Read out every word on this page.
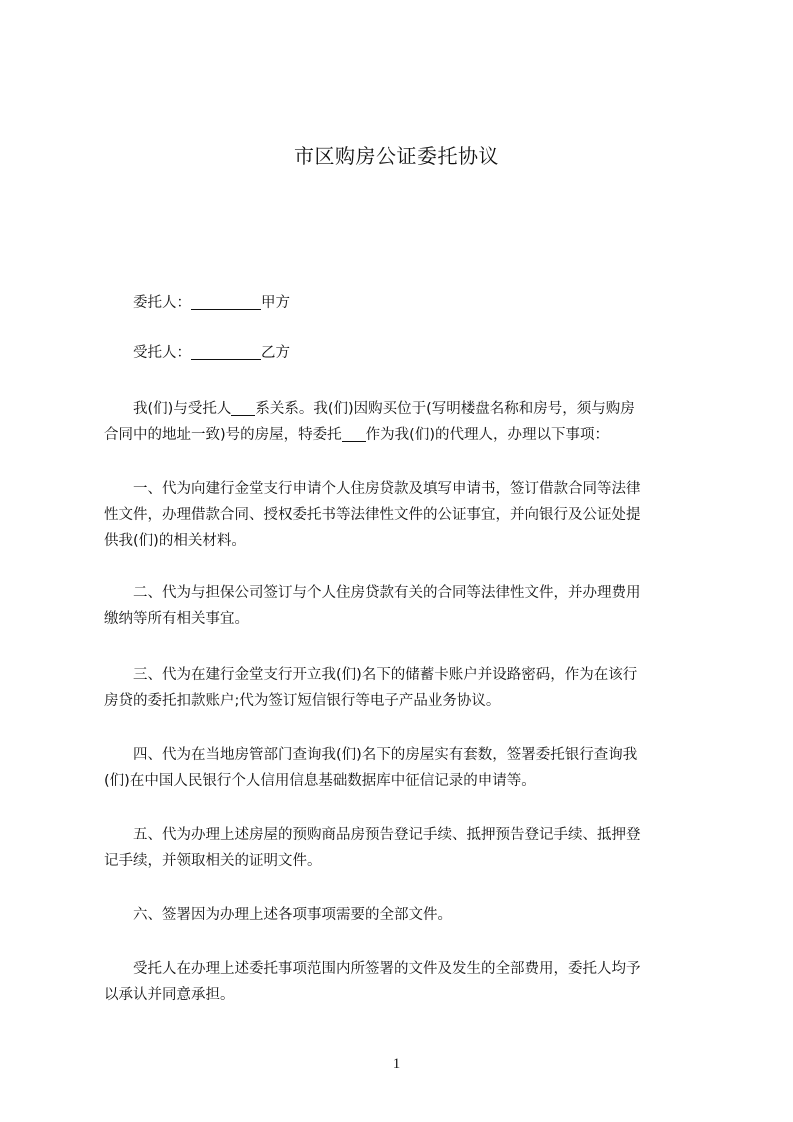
市区购房公证委托协议

委托人：	甲方

受托人：	乙方

我(们)与受托人 系关系。我(们)因购买位于(写明楼盘名称和房号，须与购房
合同中的地址一致)号的房屋，特委托 作为我(们)的代理人，办理以下事项：

一、代为向建行金堂支行申请个人住房贷款及填写申请书，签订借款合同等法律
性文件，办理借款合同、授权委托书等法律性文件的公证事宜，并向银行及公证处提
供我(们)的相关材料。

二、代为与担保公司签订与个人住房贷款有关的合同等法律性文件，并办理费用
缴纳等所有相关事宜。

三、代为在建行金堂支行开立我(们)名下的储蓄卡账户并设路密码，作为在该行
房贷的委托扣款账户;代为签订短信银行等电子产品业务协议。

四、代为在当地房管部门查询我(们)名下的房屋实有套数，签署委托银行查询我
(们)在中国人民银行个人信用信息基础数据库中征信记录的申请等。

五、代为办理上述房屋的预购商品房预告登记手续、抵押预告登记手续、抵押登
记手续，并领取相关的证明文件。

六、签署因为办理上述各项事项需要的全部文件。

受托人在办理上述委托事项范围内所签署的文件及发生的全部费用，委托人均予
以承认并同意承担。

1
